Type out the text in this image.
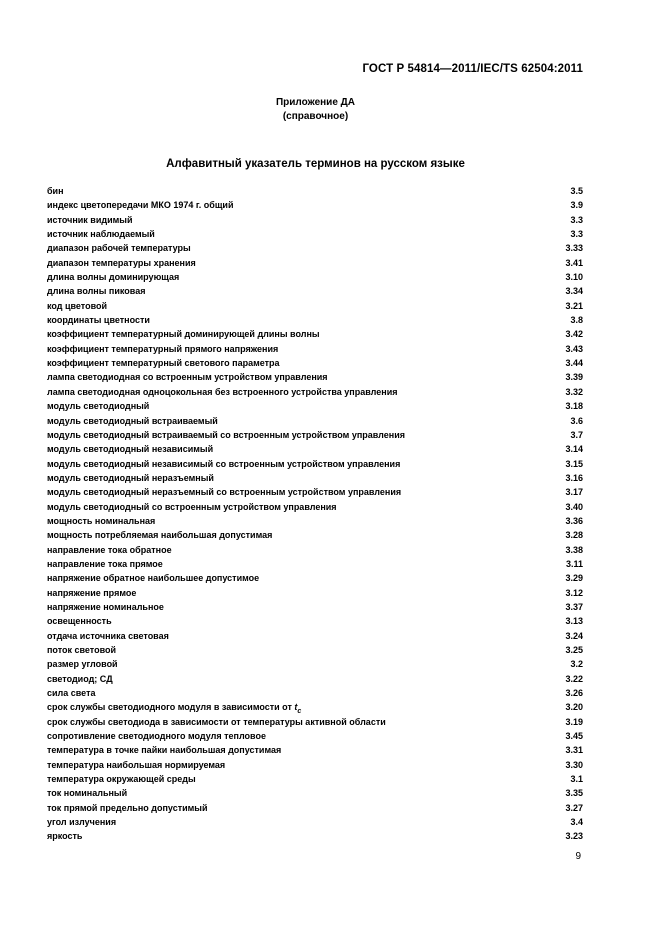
ГОСТ Р 54814—2011/IEC/TS 62504:2011
Приложение ДА
(справочное)
Алфавитный указатель терминов на русском языке
бин	3.5
индекс цветопередачи МКО 1974 г. общий	3.9
источник видимый	3.3
источник наблюдаемый	3.3
диапазон рабочей температуры	3.33
диапазон температуры хранения	3.41
длина волны доминирующая	3.10
длина волны пиковая	3.34
код цветовой	3.21
координаты цветности	3.8
коэффициент температурный доминирующей длины волны	3.42
коэффициент температурный прямого напряжения	3.43
коэффициент температурный светового параметра	3.44
лампа светодиодная со встроенным устройством управления	3.39
лампа светодиодная одноцокольная без встроенного устройства управления	3.32
модуль светодиодный	3.18
модуль светодиодный встраиваемый	3.6
модуль светодиодный встраиваемый со встроенным устройством управления	3.7
модуль светодиодный независимый	3.14
модуль светодиодный независимый со встроенным устройством управления	3.15
модуль светодиодный неразъемный	3.16
модуль светодиодный неразъемный со встроенным устройством управления	3.17
модуль светодиодный со встроенным устройством управления	3.40
мощность номинальная	3.36
мощность потребляемая наибольшая допустимая	3.28
направление тока обратное	3.38
направление тока прямое	3.11
напряжение обратное наибольшее допустимое	3.29
напряжение прямое	3.12
напряжение номинальное	3.37
освещенность	3.13
отдача источника световая	3.24
поток световой	3.25
размер угловой	3.2
светодиод; СД	3.22
сила света	3.26
срок службы светодиодного модуля в зависимости от $t_c$	3.20
срок службы светодиода в зависимости от температуры активной области	3.19
сопротивление светодиодного модуля тепловое	3.45
температура в точке пайки наибольшая допустимая	3.31
температура наибольшая нормируемая	3.30
температура окружающей среды	3.1
ток номинальный	3.35
ток прямой предельно допустимый	3.27
угол излучения	3.4
яркость	3.23
9
